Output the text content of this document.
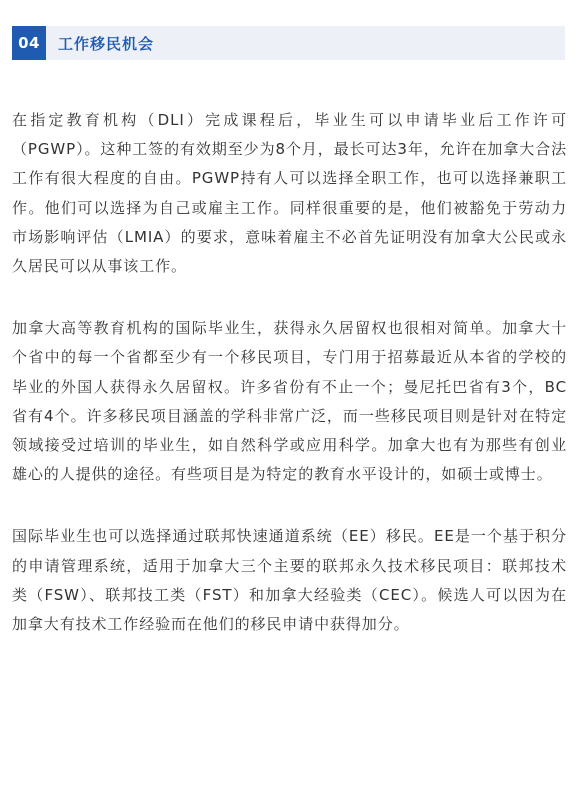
04	工作移民机会

在指定教育机构（DLI）完成课程后，毕业生可以申请毕业后工作许可（PGWP）。这种工签的有效期至少为8个月，最长可达3年，允许在加拿大合法工作有很大程度的自由。PGWP持有人可以选择全职工作，也可以选择兼职工作。他们可以选择为自己或雇主工作。同样很重要的是，他们被豁免于劳动力市场影响评估（LMIA）的要求，意味着雇主不必首先证明没有加拿大公民或永久居民可以从事该工作。

加拿大高等教育机构的国际毕业生，获得永久居留权也很相对简单。加拿大十个省中的每一个省都至少有一个移民项目，专门用于招募最近从本省的学校的毕业的外国人获得永久居留权。许多省份有不止一个；曼尼托巴省有3个，BC省有4个。许多移民项目涵盖的学科非常广泛，而一些移民项目则是针对在特定领域接受过培训的毕业生，如自然科学或应用科学。加拿大也有为那些有创业雄心的人提供的途径。有些项目是为特定的教育水平设计的，如硕士或博士。

国际毕业生也可以选择通过联邦快速通道系统（EE）移民。EE是一个基于积分的申请管理系统，适用于加拿大三个主要的联邦永久技术移民项目：联邦技术类（FSW）、联邦技工类（FST）和加拿大经验类（CEC）。候选人可以因为在加拿大有技术工作经验而在他们的移民申请中获得加分。
